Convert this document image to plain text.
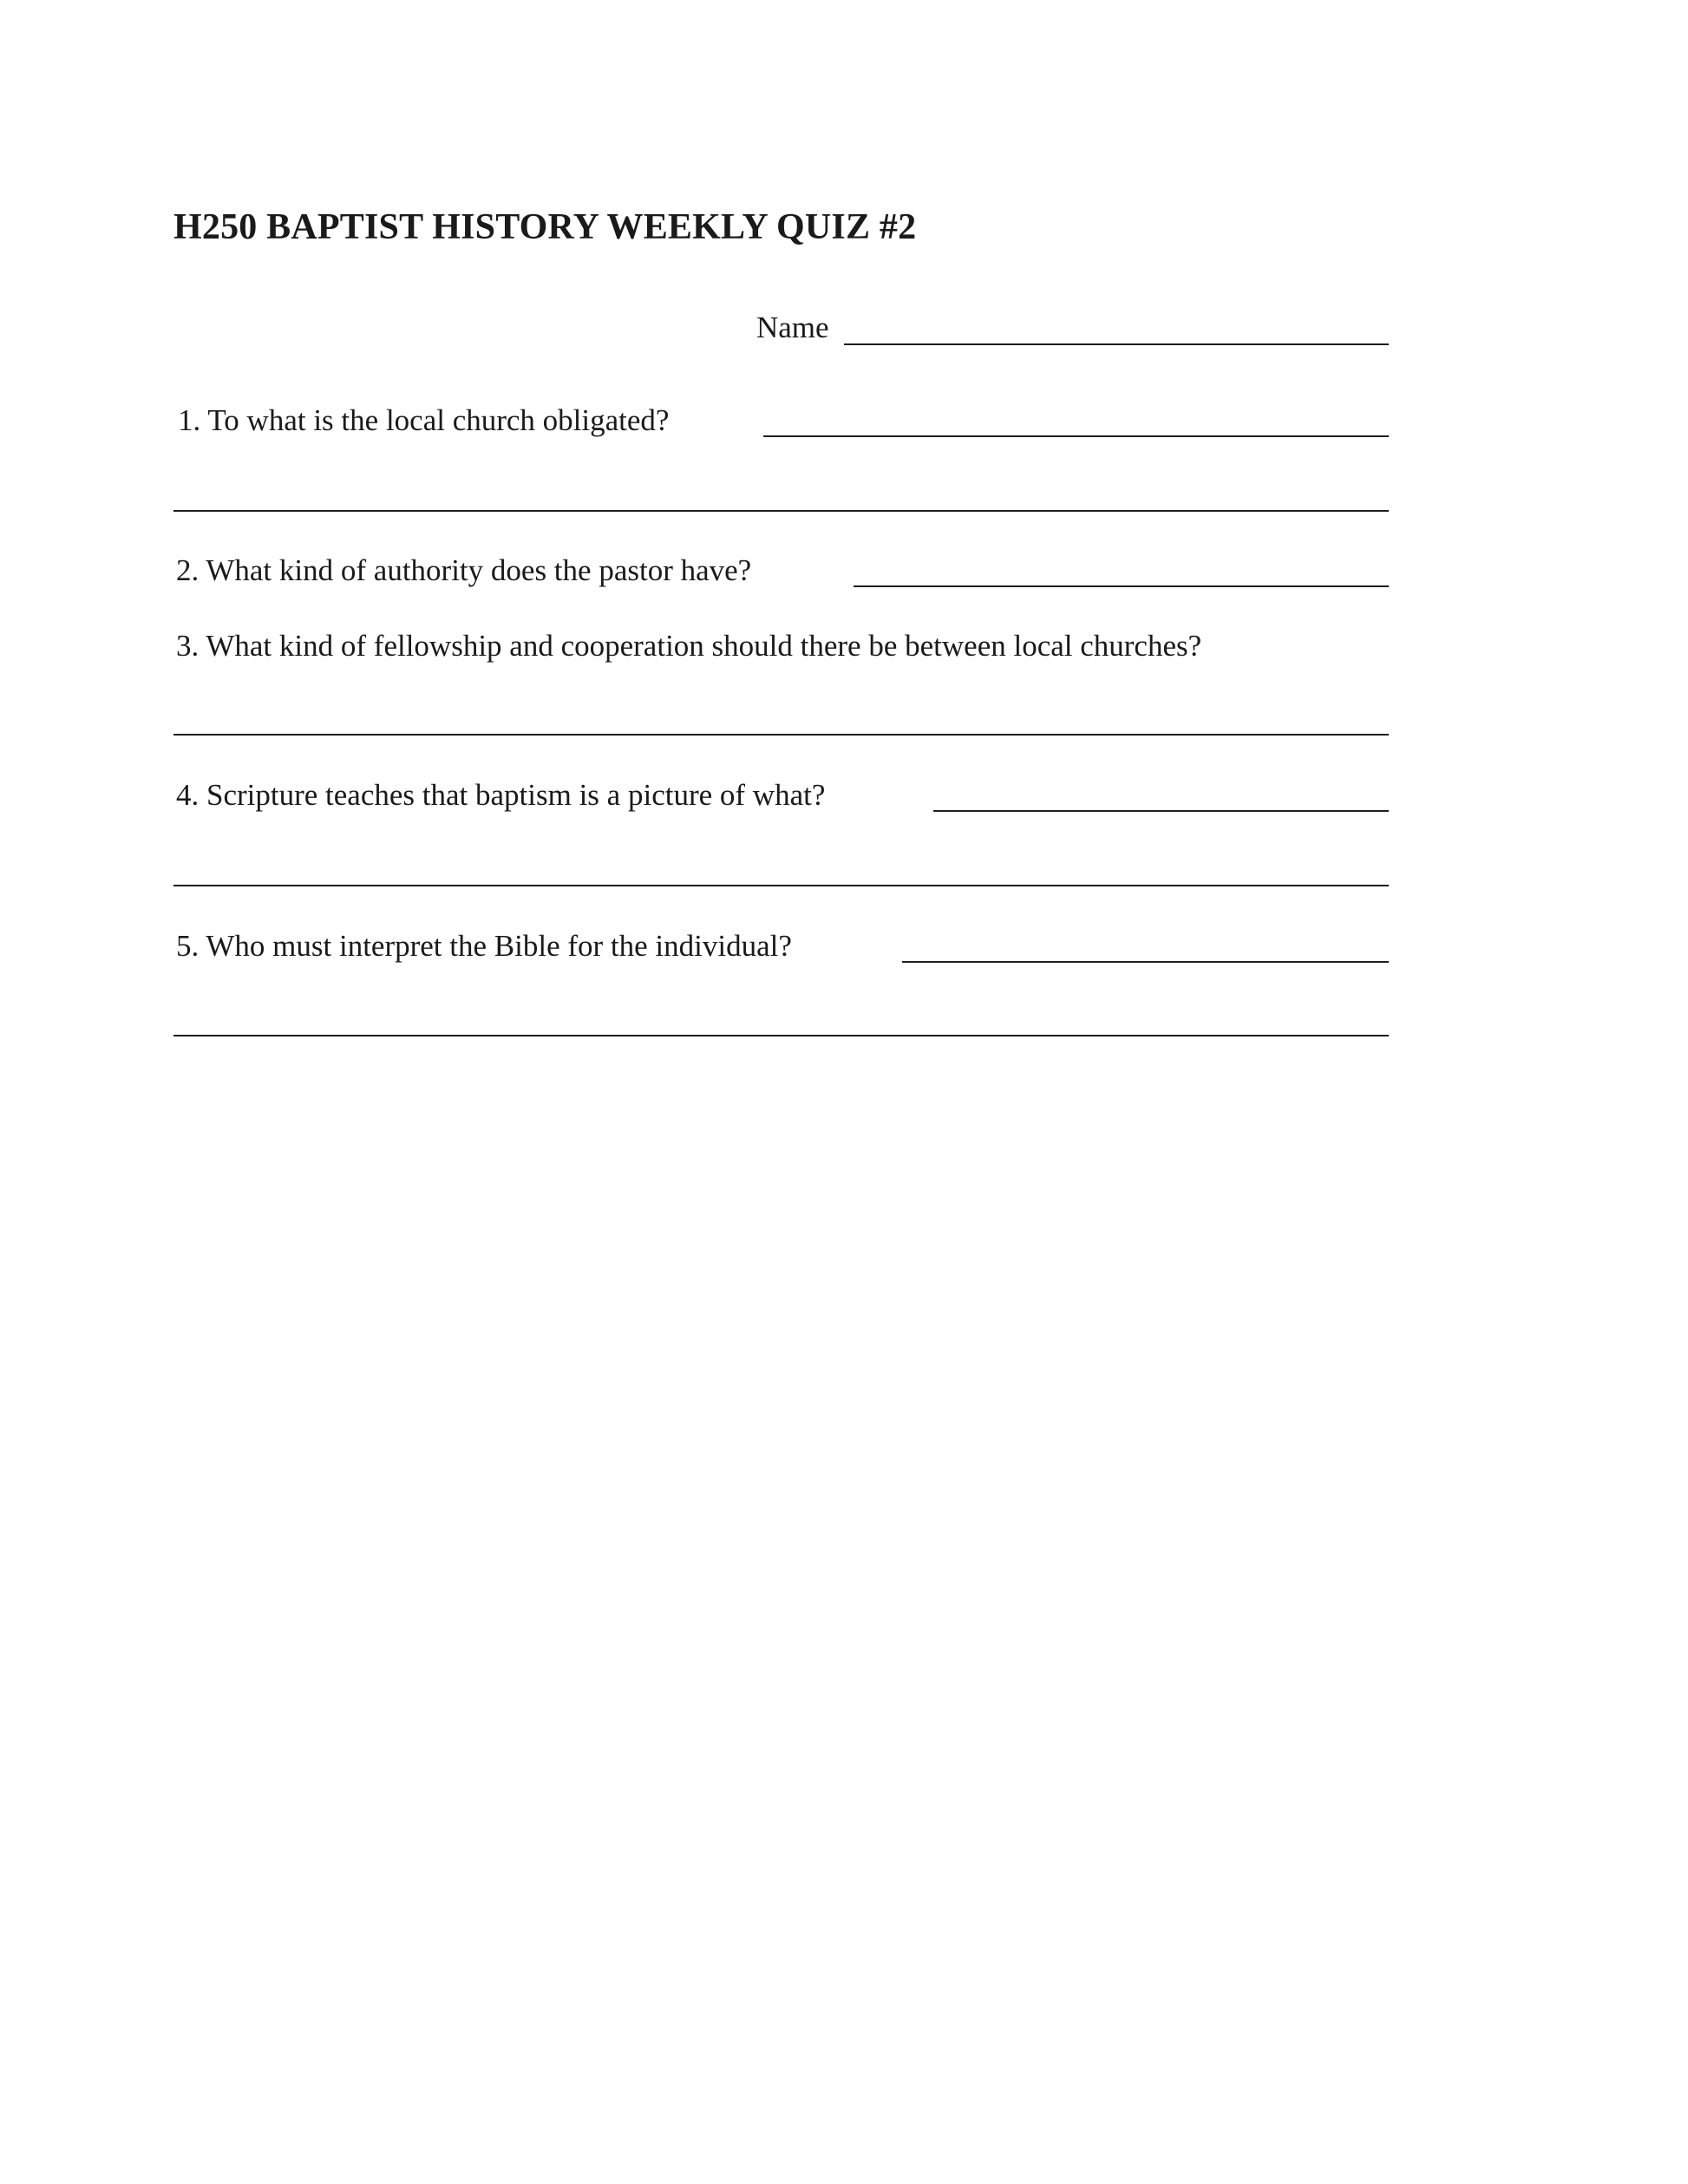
H250 BAPTIST HISTORY WEEKLY QUIZ #2
Name
1. To what is the local church obligated?
2. What kind of authority does the pastor have?
3. What kind of fellowship and cooperation should there be between local churches?
4. Scripture teaches that baptism is a picture of what?
5. Who must interpret the Bible for the individual?
